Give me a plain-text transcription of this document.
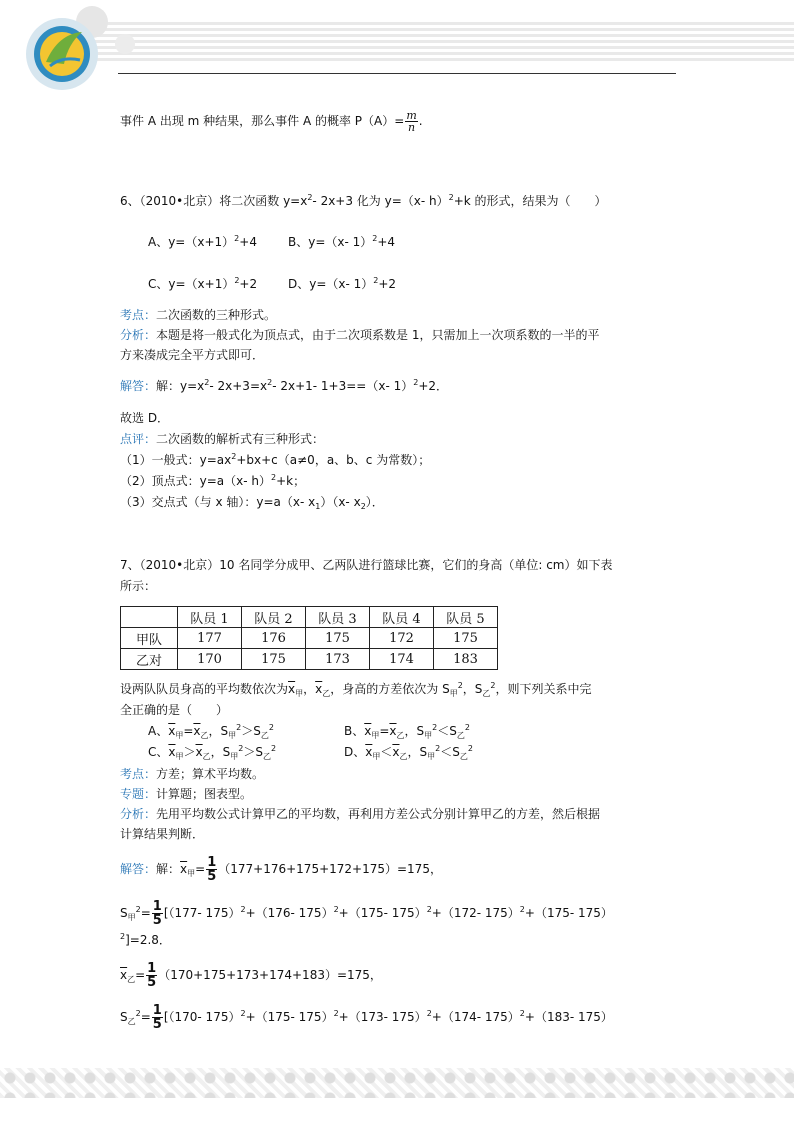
事件 A 出现 m 种结果，那么事件 A 的概率 $P(A)= \frac{m}{n}$ .
6、（2010•北京）将二次函数 $y=x^2-$ 2x+3 化为 y=（x- h）$^2$+k 的形式，结果为（　　）
A、$y=(x+1)^2+4$	B、y=（x- 1）$^2$+4
C、$y=(x+1)^2+2$	D、y=（x- 1）$^2$+2
考点：二次函数的三种形式。
分析：本题是将一般式化为顶点式，由于二次项系数是 1，只需加上一次项系数的一半的平
方来凑成完全平方式即可．
解答：解：$y=x^2-$ $2x+3=x^2-$ 2x+1- 1+3==（x- 1）$^2$+2．
故选 D．
点评：二次函数的解析式有三种形式：
（1）一般式：$y=ax^2+bx+c(a\ne 0$，a、b、c 为常数）；
（2）顶点式：y=a（x- h）$^2$+k；
（3）交点式（与 x 轴）：y=a（x- $x_1)(x-$ $x_2$）．
7、（2010•北京）10 名同学分成甲、乙两队进行篮球比赛，它们的身高（单位: cm）如下表
所示：
	队员 1	队员 2	队员 3	队员 4	队员 5
甲队	177	176	175	172	175
乙对	170	175	173	174	183
设两队队员身高的平均数依次为$\overline{x}_甲$，$\overline{x}_乙$，身高的方差依次为 $S_甲^2$，$S_乙^2$，则下列关系中完
全正确的是（　　）
A、$\overline{x}_甲=\overline{x}_乙$，$S_甲^2>S_乙^2$	B、$\overline{x}_甲=\overline{x}_乙$，$S_甲^2<S_乙^2$
C、$\overline{x}_甲>\overline{x}_乙$，$S_甲^2>S_乙^2$	D、$\overline{x}_甲<\overline{x}_乙$，$S_甲^2<S_乙^2$
考点：方差；算术平均数。
专题：计算题；图表型。
分析：先用平均数公式计算甲乙的平均数，再利用方差公式分别计算甲乙的方差，然后根据
计算结果判断．
解答：解：$\overline{x}_甲= \frac{1}{5} (177+176+175+172+175)=175$，
$S_甲^2= \frac{1}{5} [(177-$ 175）$^2$+（176- 175）$^2$+（175- 175）$^2$+（172- 175）$^2$+（175- 175）
$^2$]=2.8．
$\overline{x}_乙= \frac{1}{5} (170+175+173+174+183)=175$，
$S_乙^2= \frac{1}{5} [(170-$ 175）$^2$+（175- 175）$^2$+（173- 175）$^2$+（174- 175）$^2$+（183- 175）
